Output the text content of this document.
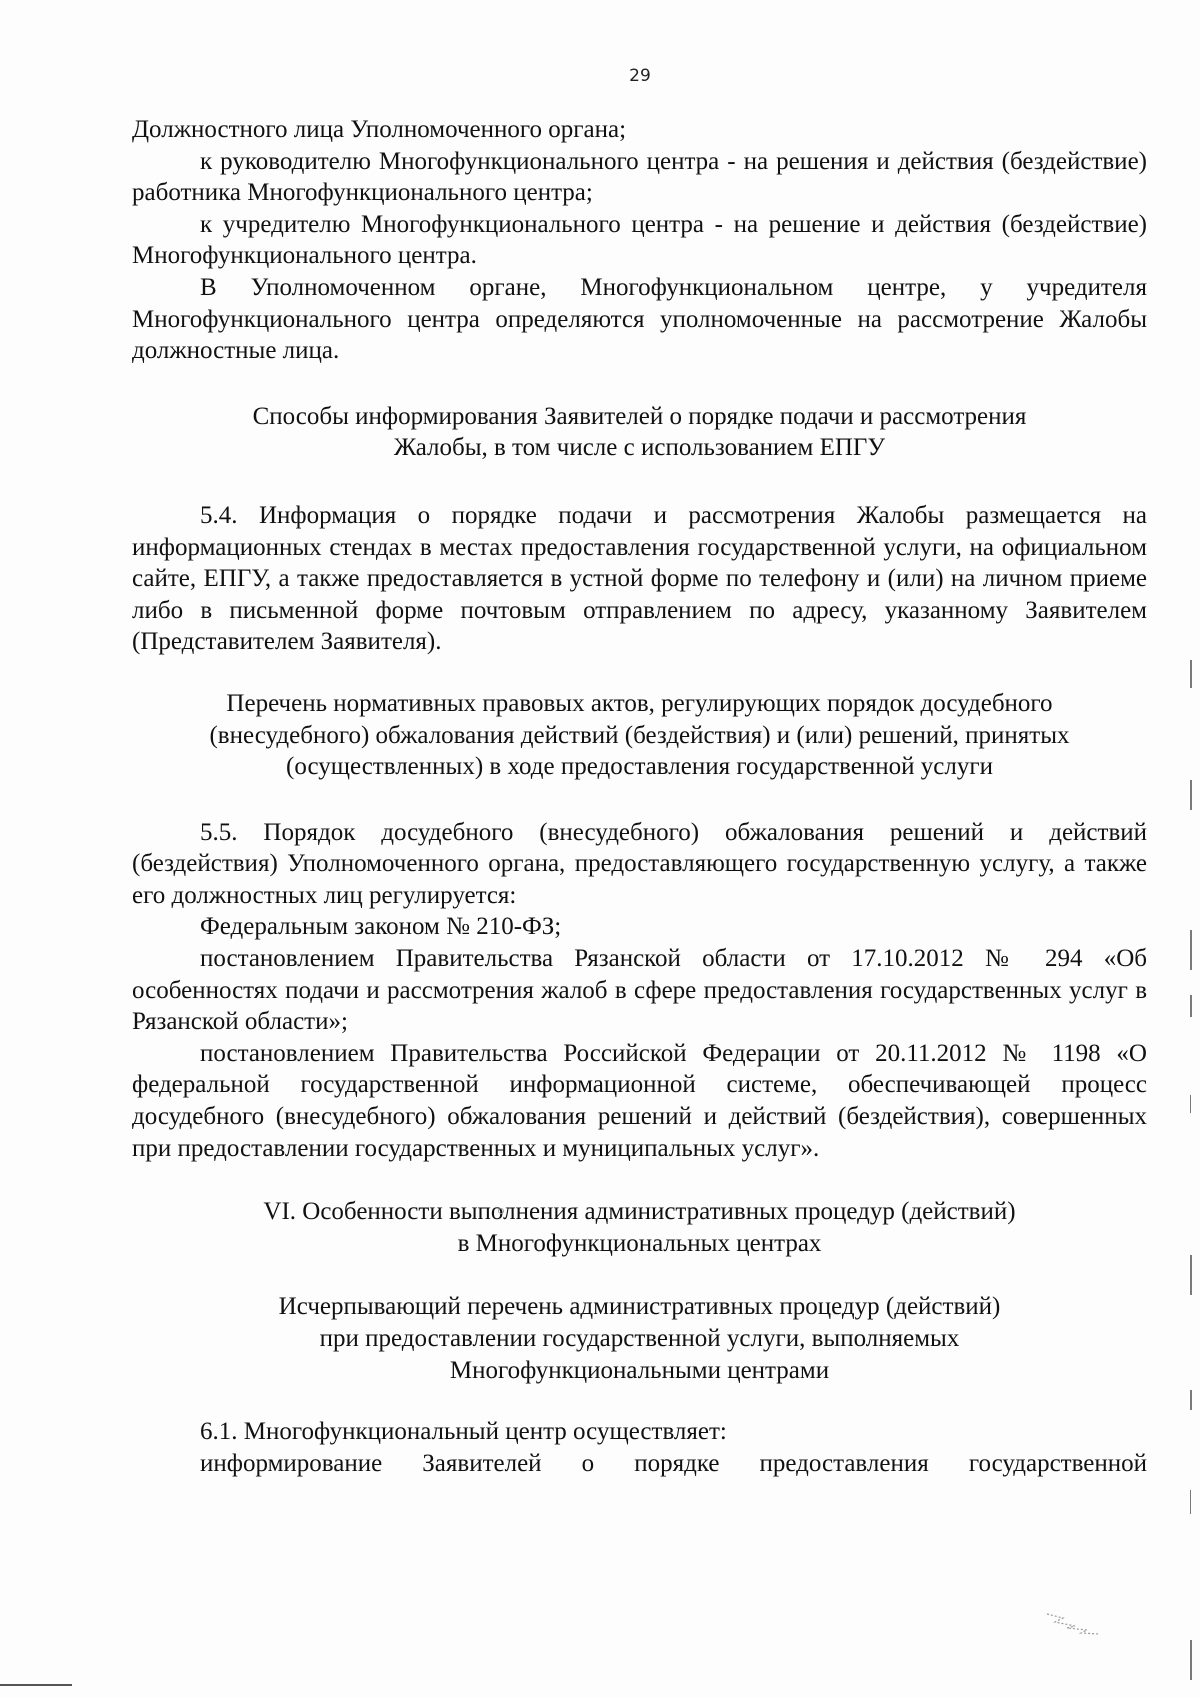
29

Должностного лица Уполномоченного органа;

к руководителю Многофункционального центра - на решения и действия (бездействие) работника Многофункционального центра;

к учредителю Многофункционального центра - на решение и действия (бездействие) Многофункционального центра.

В Уполномоченном органе, Многофункциональном центре, у учредителя Многофункционального центра определяются уполномоченные на рассмотрение Жалобы должностные лица.

Способы информирования Заявителей о порядке подачи и рассмотрения
Жалобы, в том числе с использованием ЕПГУ

5.4. Информация о порядке подачи и рассмотрения Жалобы размещается на информационных стендах в местах предоставления государственной услуги, на официальном сайте, ЕПГУ, а также предоставляется в устной форме по телефону и (или) на личном приеме либо в письменной форме почтовым отправлением по адресу, указанному Заявителем (Представителем Заявителя).

Перечень нормативных правовых актов, регулирующих порядок досудебного
(внесудебного) обжалования действий (бездействия) и (или) решений, принятых
(осуществленных) в ходе предоставления государственной услуги

5.5. Порядок досудебного (внесудебного) обжалования решений и действий (бездействия) Уполномоченного органа, предоставляющего государственную услугу, а также его должностных лиц регулируется:

Федеральным законом № 210-ФЗ;

постановлением Правительства Рязанской области от 17.10.2012 № 294 «Об особенностях подачи и рассмотрения жалоб в сфере предоставления государственных услуг в Рязанской области»;

постановлением Правительства Российской Федерации от 20.11.2012 № 1198 «О федеральной государственной информационной системе, обеспечивающей процесс досудебного (внесудебного) обжалования решений и действий (бездействия), совершенных при предоставлении государственных и муниципальных услуг».

VI. Особенности выполнения административных процедур (действий)
в Многофункциональных центрах
Исчерпывающий перечень административных процедур (действий)
при предоставлении государственной услуги, выполняемых
Многофункциональными центрами

6.1. Многофункциональный центр осуществляет:

информирование Заявителей о порядке предоставления государственной
